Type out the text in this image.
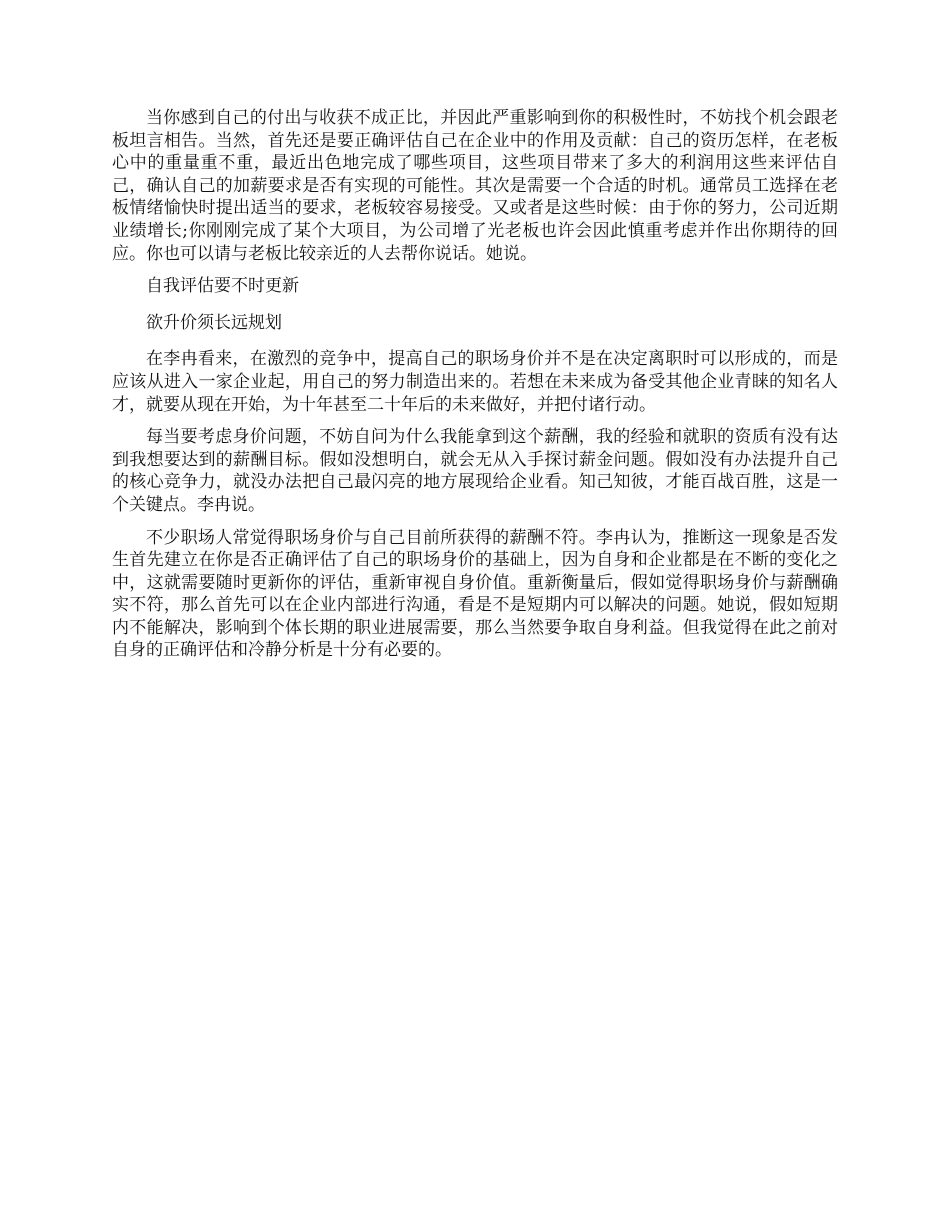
当你感到自己的付出与收获不成正比，并因此严重影响到你的积极性时，不妨找个机会跟老板坦言相告。当然，首先还是要正确评估自己在企业中的作用及贡献：自己的资历怎样，在老板心中的重量重不重，最近出色地完成了哪些项目，这些项目带来了多大的利润用这些来评估自己，确认自己的加薪要求是否有实现的可能性。其次是需要一个合适的时机。通常员工选择在老板情绪愉快时提出适当的要求，老板较容易接受。又或者是这些时候：由于你的努力，公司近期业绩增长;你刚刚完成了某个大项目，为公司增了光老板也许会因此慎重考虑并作出你期待的回应。你也可以请与老板比较亲近的人去帮你说话。她说。

自我评估要不时更新

欲升价须长远规划

在李冉看来，在激烈的竞争中，提高自己的职场身价并不是在决定离职时可以形成的，而是应该从进入一家企业起，用自己的努力制造出来的。若想在未来成为备受其他企业青睐的知名人才，就要从现在开始，为十年甚至二十年后的未来做好，并把付诸行动。

每当要考虑身价问题，不妨自问为什么我能拿到这个薪酬，我的经验和就职的资质有没有达到我想要达到的薪酬目标。假如没想明白，就会无从入手探讨薪金问题。假如没有办法提升自己的核心竞争力，就没办法把自己最闪亮的地方展现给企业看。知己知彼，才能百战百胜，这是一个关键点。李冉说。

不少职场人常觉得职场身价与自己目前所获得的薪酬不符。李冉认为，推断这一现象是否发生首先建立在你是否正确评估了自己的职场身价的基础上，因为自身和企业都是在不断的变化之中，这就需要随时更新你的评估，重新审视自身价值。重新衡量后，假如觉得职场身价与薪酬确实不符，那么首先可以在企业内部进行沟通，看是不是短期内可以解决的问题。她说，假如短期内不能解决，影响到个体长期的职业进展需要，那么当然要争取自身利益。但我觉得在此之前对自身的正确评估和冷静分析是十分有必要的。
